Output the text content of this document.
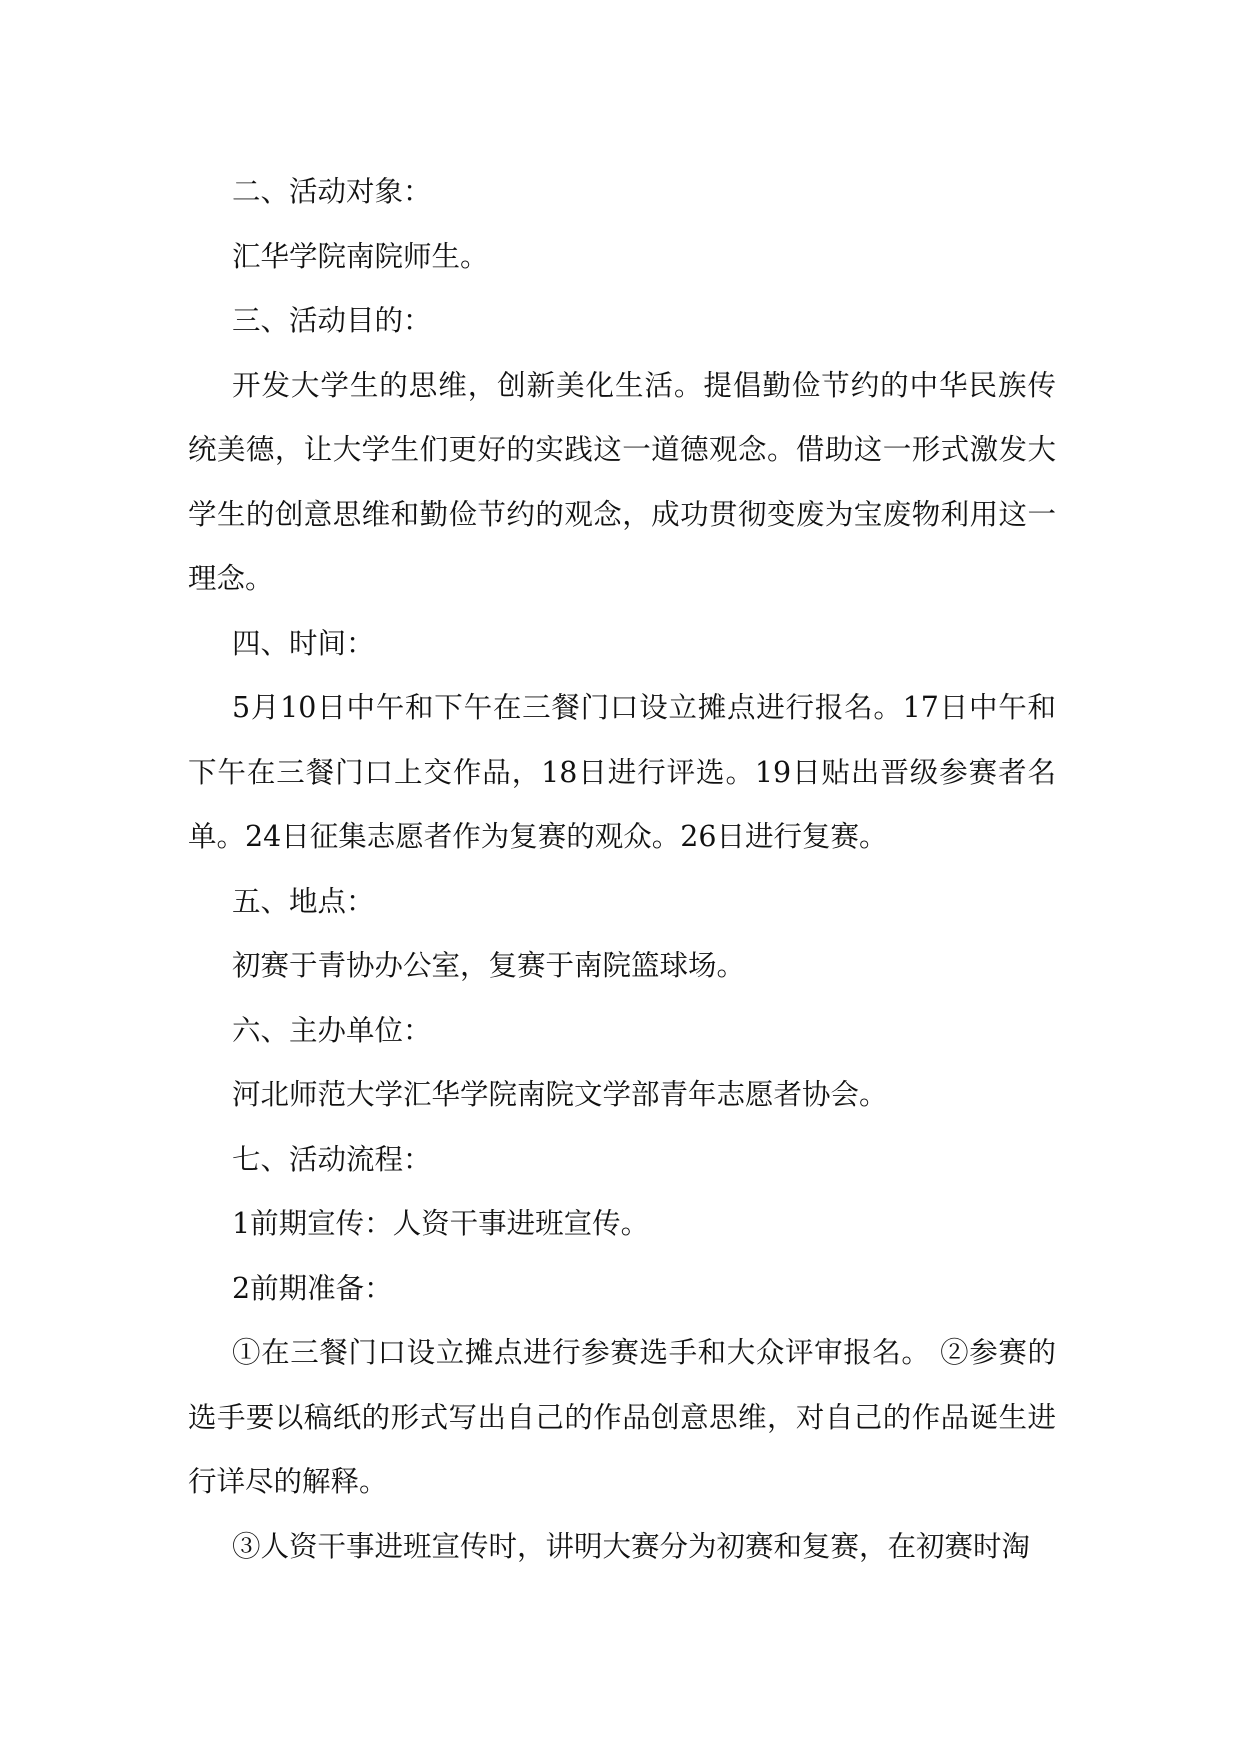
二、活动对象：

汇华学院南院师生。

三、活动目的：

开发大学生的思维，创新美化生活。提倡勤俭节约的中华民族传统美德，让大学生们更好的实践这一道德观念。借助这一形式激发大学生的创意思维和勤俭节约的观念，成功贯彻变废为宝废物利用这一理念。

四、时间：

5月10日中午和下午在三餐门口设立摊点进行报名。17日中午和下午在三餐门口上交作品，18日进行评选。19日贴出晋级参赛者名单。24日征集志愿者作为复赛的观众。26日进行复赛。

五、地点：

初赛于青协办公室，复赛于南院篮球场。

六、主办单位：

河北师范大学汇华学院南院文学部青年志愿者协会。

七、活动流程：

1前期宣传：人资干事进班宣传。

2前期准备：

①在三餐门口设立摊点进行参赛选手和大众评审报名。 ②参赛的选手要以稿纸的形式写出自己的作品创意思维，对自己的作品诞生进行详尽的解释。

③人资干事进班宣传时，讲明大赛分为初赛和复赛，在初赛时淘
